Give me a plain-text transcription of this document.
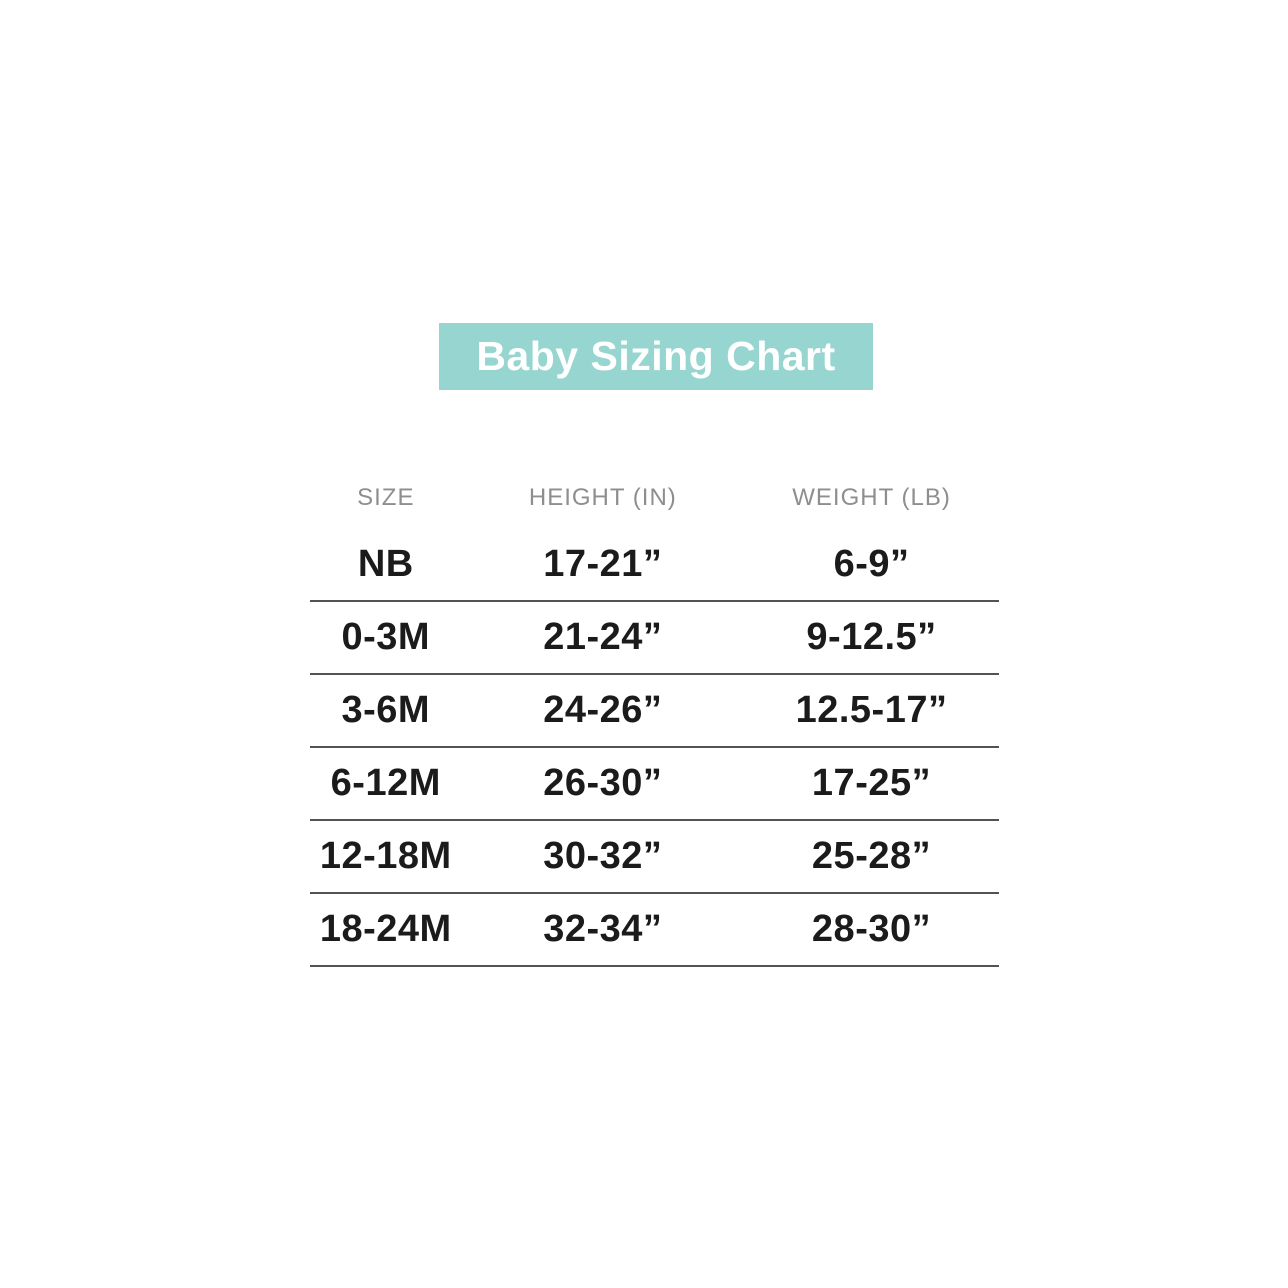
Baby Sizing Chart
SIZE	HEIGHT (IN)	WEIGHT (LB)
NB	17-21”	6-9”
0-3M	21-24”	9-12.5”
3-6M	24-26”	12.5-17”
6-12M	26-30”	17-25”
12-18M	30-32”	25-28”
18-24M	32-34”	28-30”
